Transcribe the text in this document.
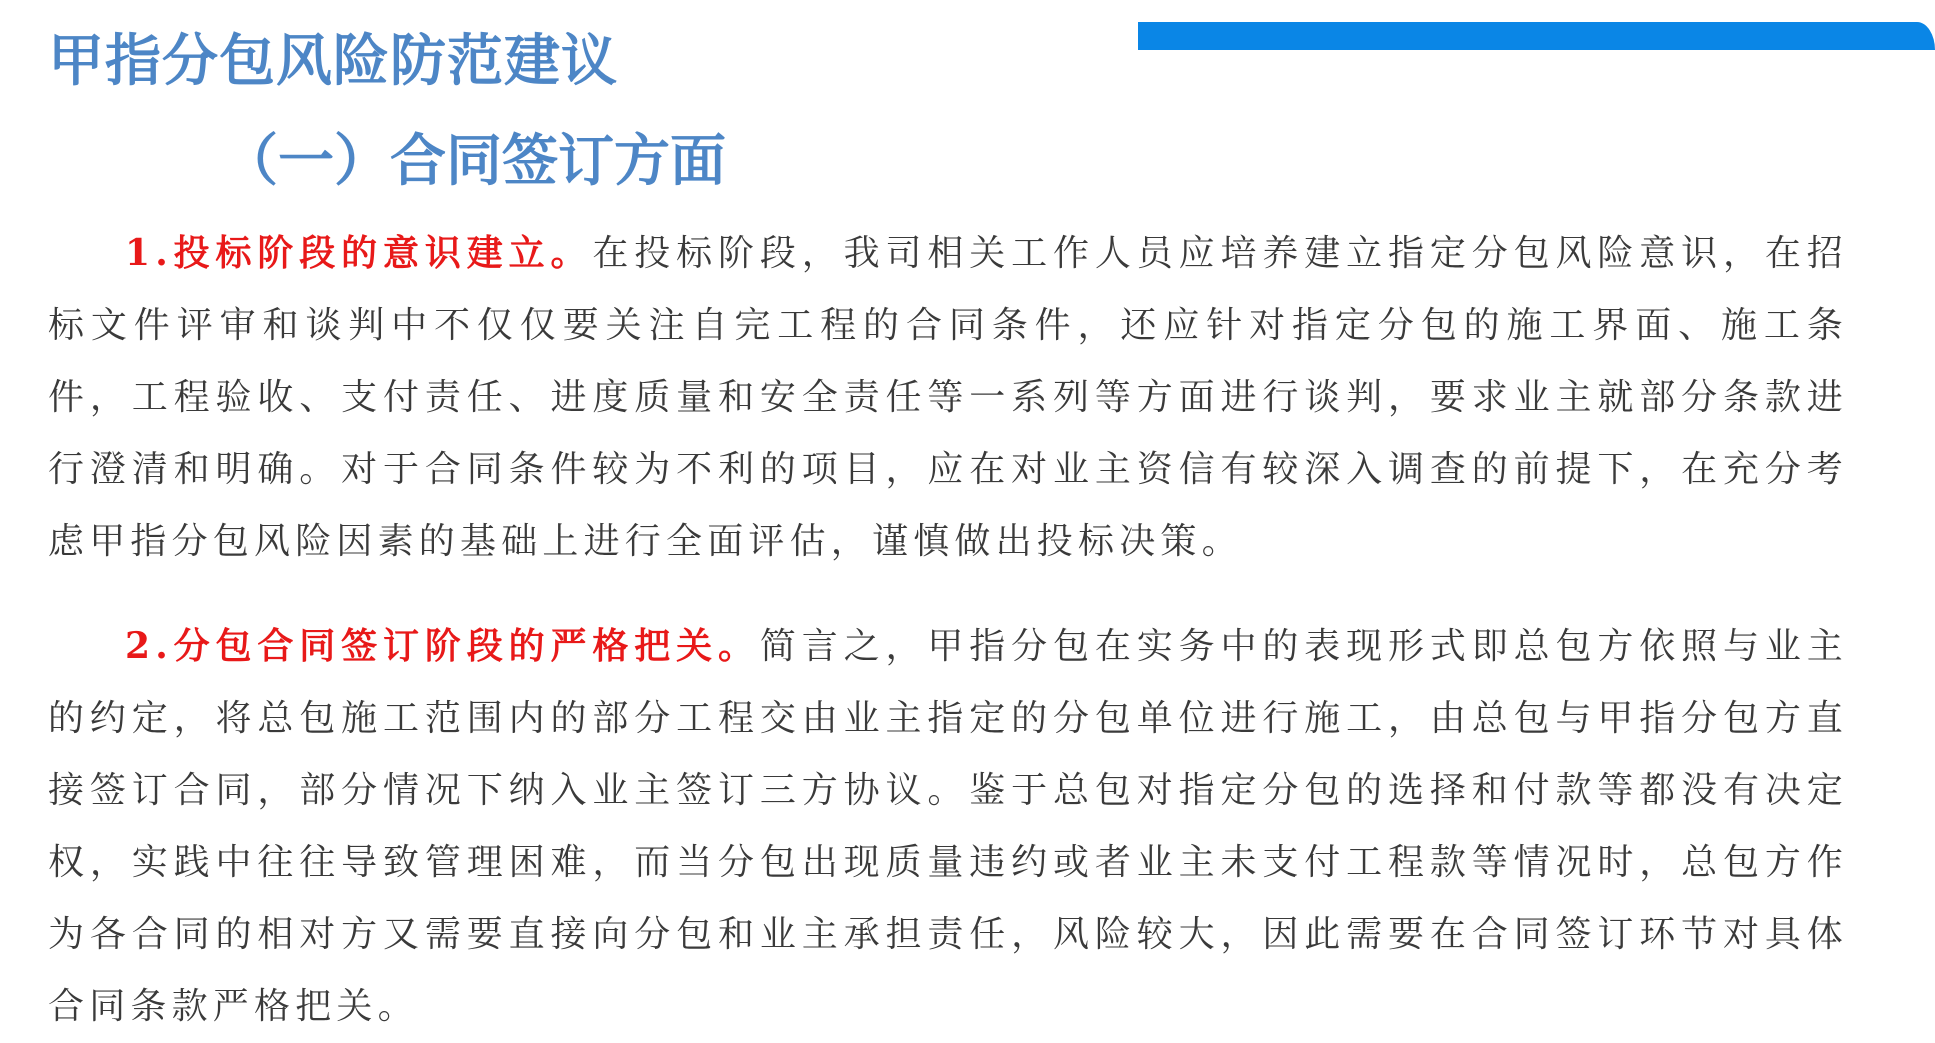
甲指分包风险防范建议
（一）合同签订方面

1.投标阶段的意识建立。在投标阶段，我司相关工作人员应培养建立指定分包风险意识，在招标文件评审和谈判中不仅仅要关注自完工程的合同条件，还应针对指定分包的施工界面、施工条件，工程验收、支付责任、进度质量和安全责任等一系列等方面进行谈判，要求业主就部分条款进行澄清和明确。对于合同条件较为不利的项目，应在对业主资信有较深入调查的前提下，在充分考虑甲指分包风险因素的基础上进行全面评估，谨慎做出投标决策。

2.分包合同签订阶段的严格把关。简言之，甲指分包在实务中的表现形式即总包方依照与业主的约定，将总包施工范围内的部分工程交由业主指定的分包单位进行施工，由总包与甲指分包方直接签订合同，部分情况下纳入业主签订三方协议。鉴于总包对指定分包的选择和付款等都没有决定权，实践中往往导致管理困难，而当分包出现质量违约或者业主未支付工程款等情况时，总包方作为各合同的相对方又需要直接向分包和业主承担责任，风险较大，因此需要在合同签订环节对具体合同条款严格把关。
